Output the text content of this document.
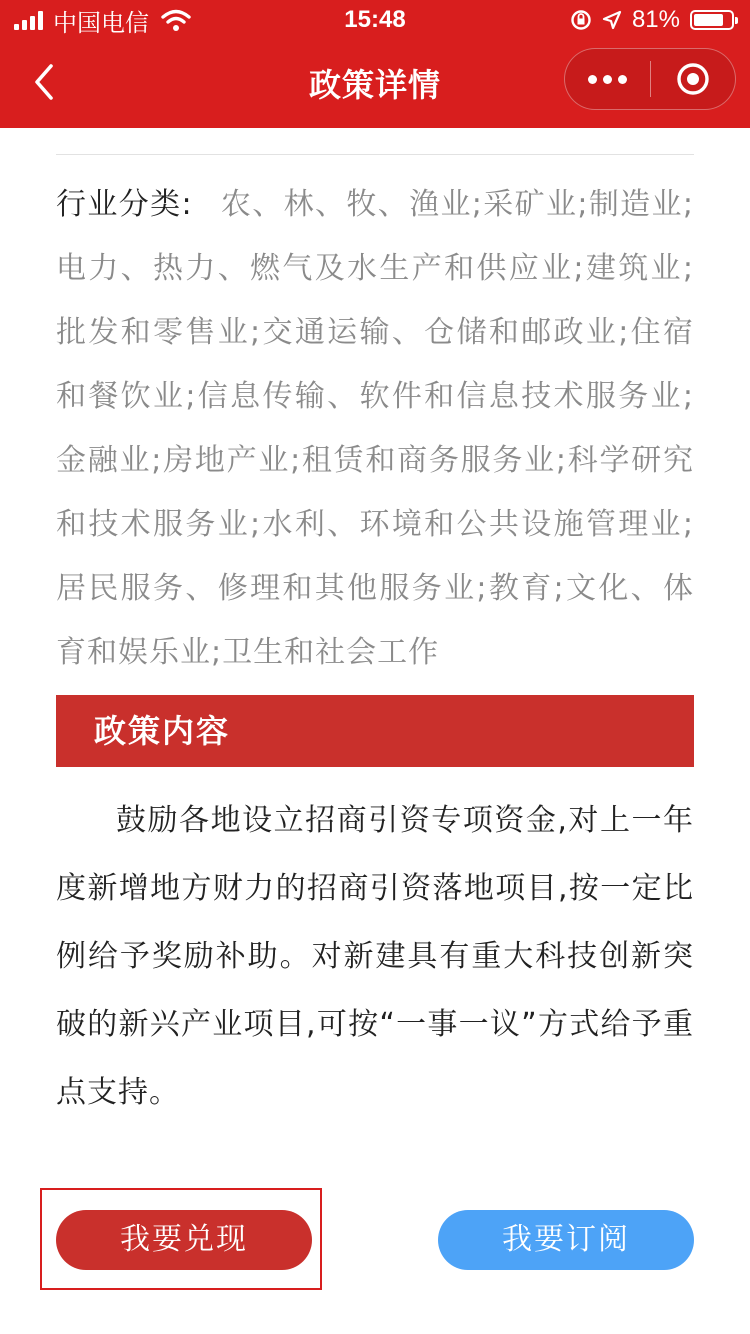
中国电信	15:48	81%
政策详情
行业分类: 农、林、牧、渔业;采矿业;制造业;电力、热力、燃气及水生产和供应业;建筑业;批发和零售业;交通运输、仓储和邮政业;住宿和餐饮业;信息传输、软件和信息技术服务业;金融业;房地产业;租赁和商务服务业;科学研究和技术服务业;水利、环境和公共设施管理业;居民服务、修理和其他服务业;教育;文化、体育和娱乐业;卫生和社会工作
政策内容
鼓励各地设立招商引资专项资金,对上一年度新增地方财力的招商引资落地项目,按一定比例给予奖励补助。对新建具有重大科技创新突破的新兴产业项目,可按“一事一议”方式给予重点支持。
我要兑现	我要订阅
